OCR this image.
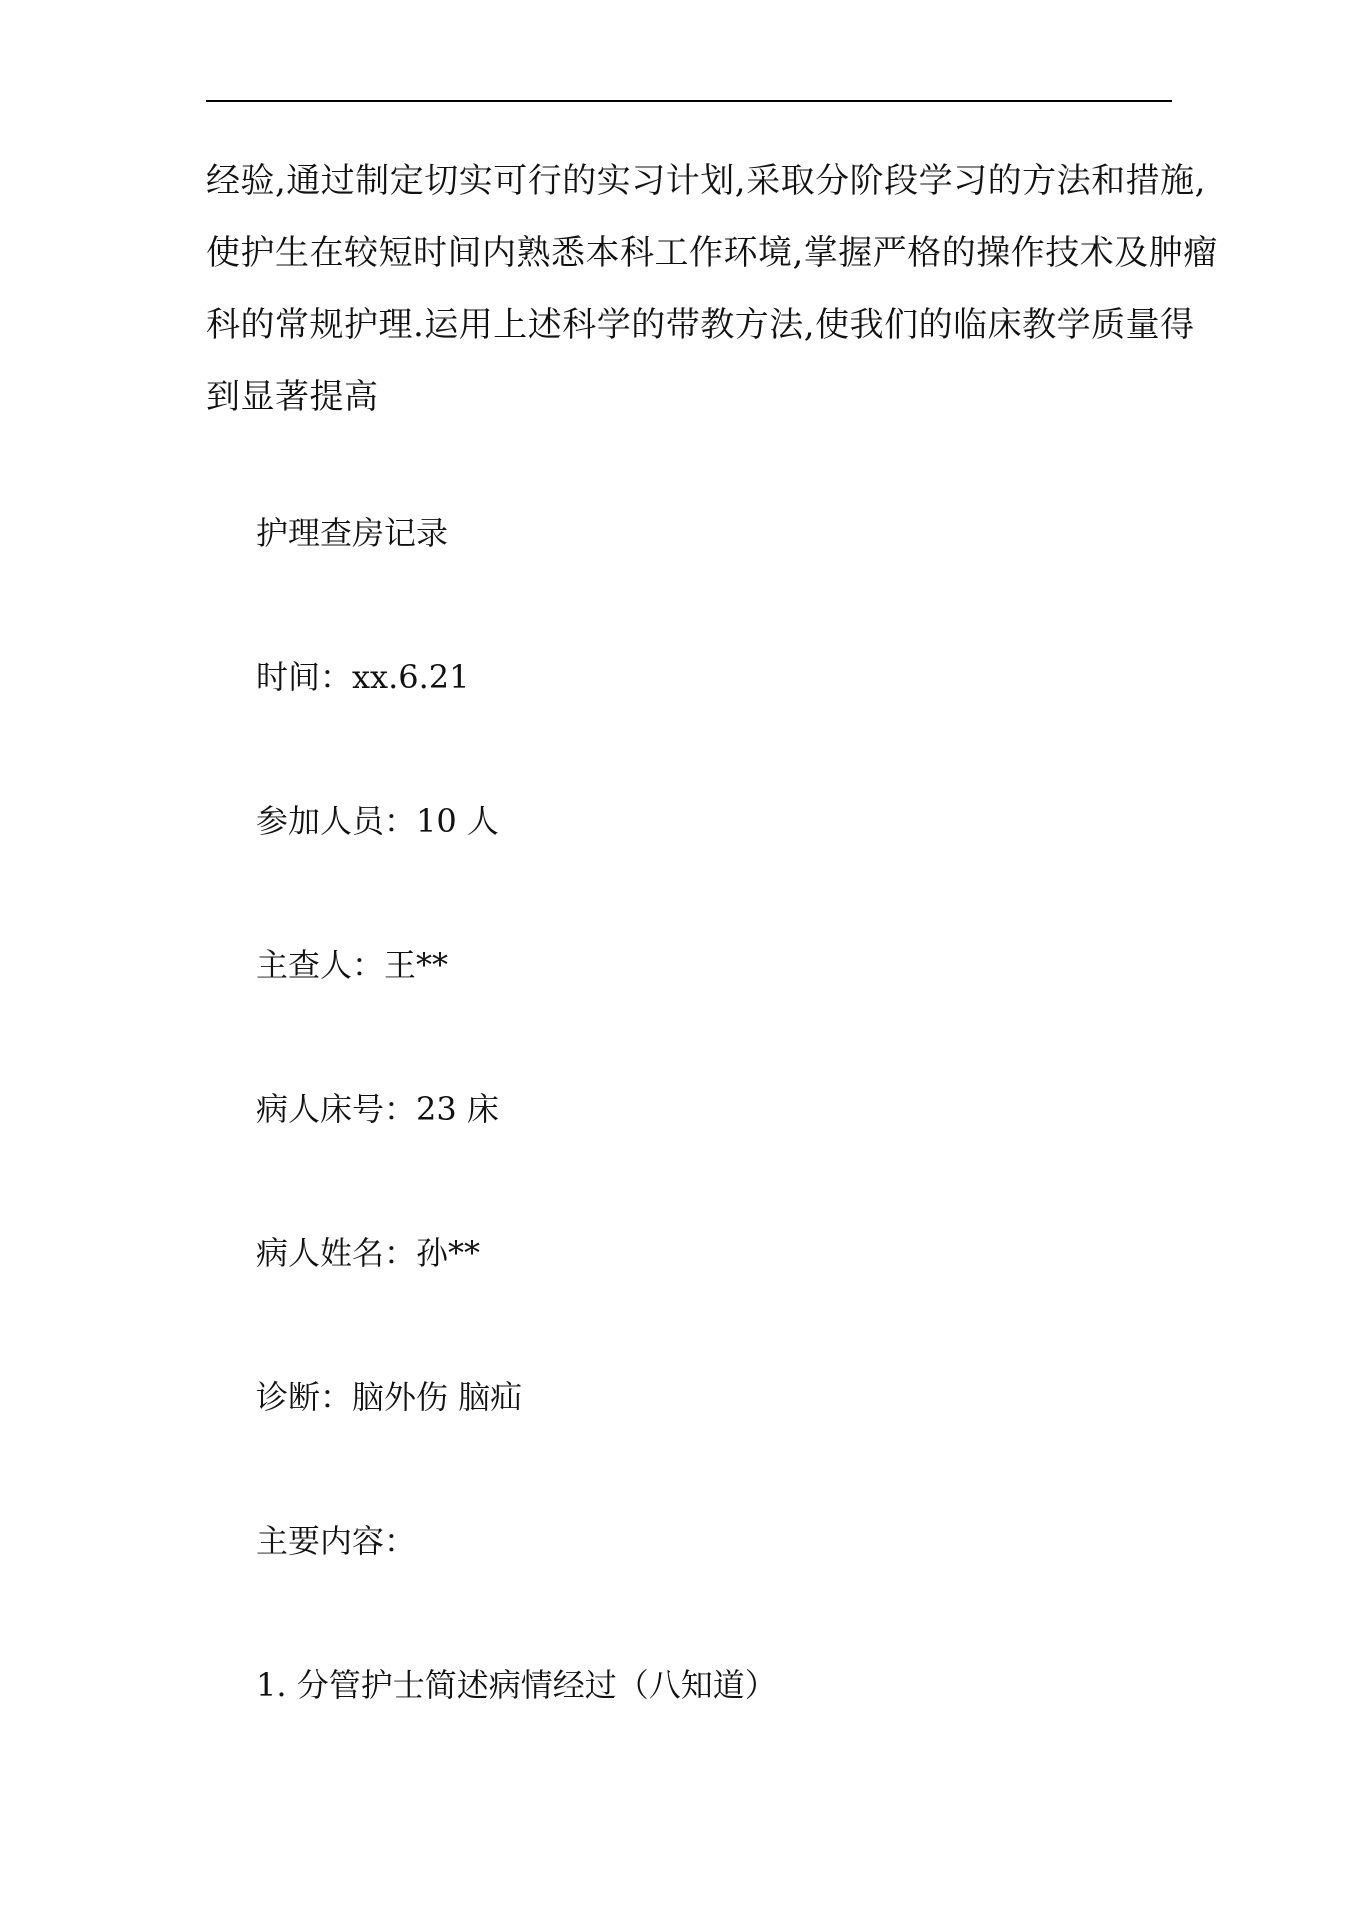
经验,通过制定切实可行的实习计划,采取分阶段学习的方法和措施,

使护生在较短时间内熟悉本科工作环境,掌握严格的操作技术及肿瘤

科的常规护理.运用上述科学的带教方法,使我们的临床教学质量得

到显著提高

护理查房记录
时间：xx.6.21
参加人员：10 人
主查人：王**
病人床号：23 床
病人姓名：孙**
诊断：脑外伤 脑疝
主要内容：
1. 分管护士简述病情经过（八知道）
